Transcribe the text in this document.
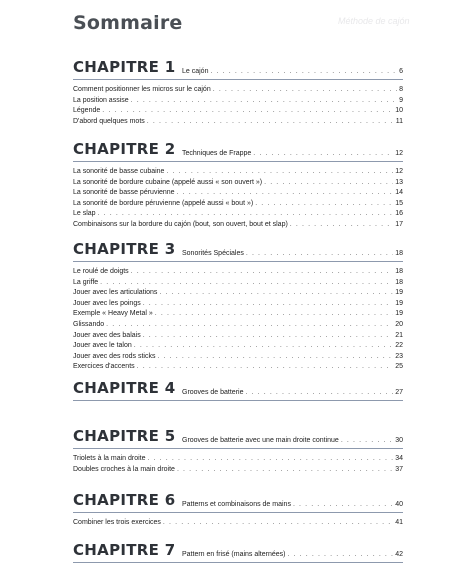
Sommaire	Méthode de cajón
CHAPITRE 1 Le cajón . . .	6
Comment positionner les micros sur le cajón . . .	8
La position assise . . .	9
Légende . . .	10
D'abord quelques mots . . .	11
CHAPITRE 2 Techniques de Frappe . . .	12
La sonorité de basse cubaine . . .	12
La sonorité de bordure cubaine (appelé aussi « son ouvert ») . . .	13
La sonorité de basse péruvienne . . .	14
La sonorité de bordure péruvienne (appelé aussi « bout ») . . .	15
Le slap . . .	16
Combinaisons sur la bordure du cajón (bout, son ouvert, bout et slap) . . .	17
CHAPITRE 3 Sonorités Spéciales . . .	18
Le roulé de doigts . . .	18
La griffe . . .	18
Jouer avec les articulations . . .	19
Jouer avec les poings . . .	19
Exemple « Heavy Metal » . . .	19
Glissando . . .	20
Jouer avec des balais . . .	21
Jouer avec le talon . . .	22
Jouer avec des rods sticks . . .	23
Exercices d'accents . . .	25
CHAPITRE 4 Grooves de batterie . . .	27
CHAPITRE 5 Grooves de batterie avec une main droite continue . . .	30
Triolets à la main droite . . .	34
Doubles croches à la main droite . . .	37
CHAPITRE 6 Patterns et combinaisons de mains . . .	40
Combiner les trois exercices . . .	41
CHAPITRE 7 Pattern en frisé (mains alternées) . . .	42
